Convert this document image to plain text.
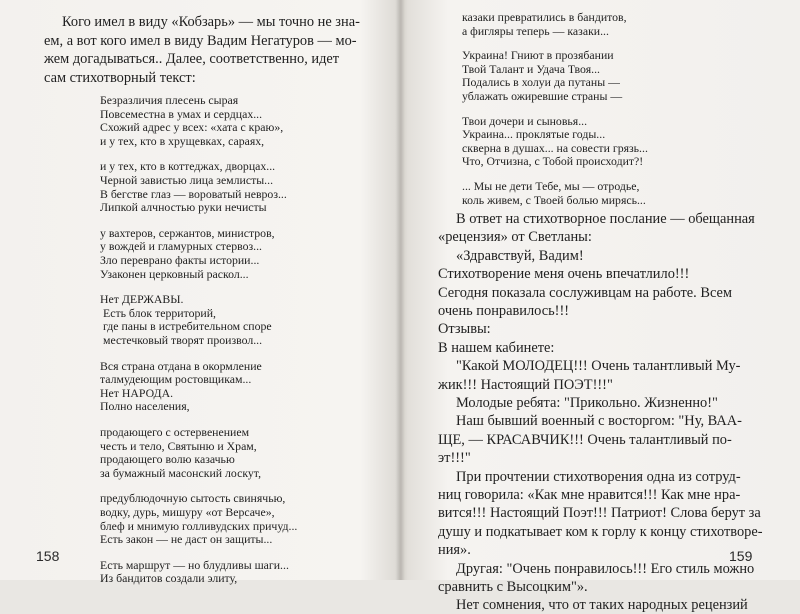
158
Кого имел в виду «Кобзарь» — мы точно не зна-
ем, а вот кого имел в виду Вадим Негатуров — мо-
жем догадываться.. Далее, соответственно, идет
сам стихотворный текст:
Безразличия плесень сырая
Повсеместна в умах и сердцах...
Схожий адрес у всех: «хата с краю»,
и у тех, кто в хрущевках, сараях,
и у тех, кто в коттеджах, дворцах...
Черной завистью лица землисты...
В бегстве глаз — вороватый невроз...
Липкой алчностью руки нечисты
у вахтеров, сержантов, министров,
у вождей и гламурных стервоз...
Зло переврано факты истории...
Узаконен церковный раскол...
Нет ДЕРЖАВЫ.
Есть блок территорий,
где паны в истребительном споре
местечковый творят произвол...
Вся страна отдана в окормление
талмудеющим ростовщикам...
Нет НАРОДА.
Полно населения,
продающего с остервенением
честь и тело, Святыню и Храм,
продающего волю казачью
за бумажный масонский лоскут,
предублюдочную сытость свинячью,
водку, дурь, мишуру «от Версаче»,
блеф и мнимую голливудских причуд...
Есть закон — не даст он защиты...
Есть маршрут — но блудливы шаги...
Из бандитов создали элиту,
159
казаки превратились в бандитов,
а фигляры теперь — казаки...
Украина! Гниют в прозябании
Твой Талант и Удача Твоя...
Подались в холуи да путаны —
ублажать ожиревшие страны —
Твои дочери и сыновья...
Украина... проклятые годы...
скверна в душах... на совести грязь...
Что, Отчизна, с Тобой происходит?!
... Мы не дети Тебе, мы — отродье,
коль живем, с Твоей болью мирясь...
В ответ на стихотворное послание — обещанная
«рецензия» от Светланы:
«Здравствуй, Вадим!
Стихотворение меня очень впечатлило!!!
Сегодня показала сослуживцам на работе. Всем
очень понравилось!!!
Отзывы:
В нашем кабинете:
"Какой МОЛОДЕЦ!!! Очень талантливый Му-
жик!!! Настоящий ПОЭТ!!!"
Молодые ребята: "Прикольно. Жизненно!"
Наш бывший военный с восторгом: "Ну, ВАА-
ЩЕ, — КРАСАВЧИК!!! Очень талантливый по-
эт!!!"
При прочтении стихотворения одна из сотруд-
ниц говорила: «Как мне нравится!!! Как мне нра-
вится!!! Настоящий Поэт!!! Патриот! Слова берут за
душу и подкатывает ком к горлу к концу стихотворе-
ния».
Другая: "Очень понравилось!!! Его стиль можно
сравнить с Высоцким"».
Нет сомнения, что от таких народных рецензий
